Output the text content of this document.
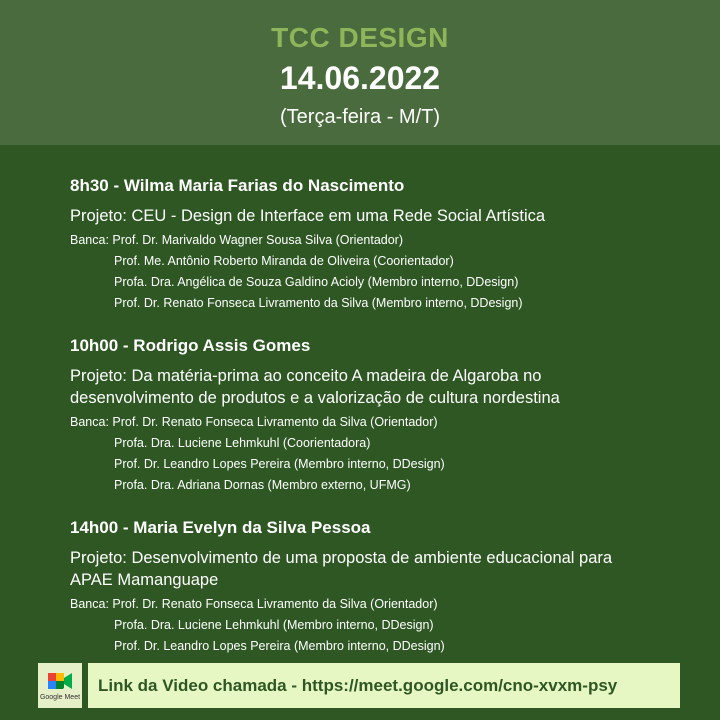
TCC DESIGN
14.06.2022
(Terça-feira - M/T)
8h30 - Wilma Maria Farias do Nascimento
Projeto: CEU - Design de Interface em uma Rede Social Artística
Banca: Prof. Dr. Marivaldo Wagner Sousa Silva (Orientador)
Prof. Me. Antônio Roberto Miranda de Oliveira (Coorientador)
Profa. Dra. Angélica de Souza Galdino Acioly (Membro interno, DDesign)
Prof. Dr. Renato Fonseca Livramento da Silva (Membro interno, DDesign)
10h00 - Rodrigo Assis Gomes
Projeto: Da matéria-prima ao conceito A madeira de Algaroba no
desenvolvimento de produtos e a valorização de cultura nordestina
Banca: Prof. Dr. Renato Fonseca Livramento da Silva (Orientador)
Profa. Dra. Luciene Lehmkuhl (Coorientadora)
Prof. Dr. Leandro Lopes Pereira (Membro interno, DDesign)
Profa. Dra. Adriana Dornas (Membro externo, UFMG)
14h00 - Maria Evelyn da Silva Pessoa
Projeto: Desenvolvimento de uma proposta de ambiente educacional para
APAE Mamanguape
Banca: Prof. Dr. Renato Fonseca Livramento da Silva (Orientador)
Profa. Dra. Luciene Lehmkuhl (Membro interno, DDesign)
Prof. Dr. Leandro Lopes Pereira (Membro interno, DDesign)
Google Meet
Link da Video chamada - https://meet.google.com/cno-xvxm-psy
